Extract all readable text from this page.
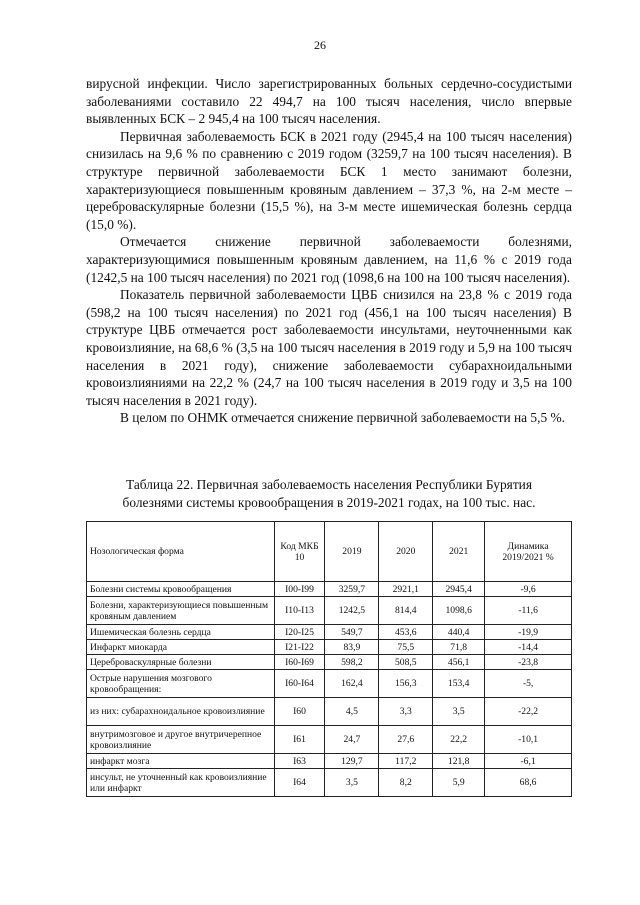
26

вирусной инфекции. Число зарегистрированных больных сердечно-сосудистыми заболеваниями составило 22 494,7 на 100 тысяч населения, число впервые выявленных БСК – 2 945,4 на 100 тысяч населения.

Первичная заболеваемость БСК в 2021 году (2945,4 на 100 тысяч населения) снизилась на 9,6 % по сравнению с 2019 годом (3259,7 на 100 тысяч населения). В структуре первичной заболеваемости БСК 1 место занимают болезни, характеризующиеся повышенным кровяным давлением – 37,3 %, на 2-м месте – цереброваскулярные болезни (15,5 %), на 3-м месте ишемическая болезнь сердца (15,0 %).

Отмечается снижение первичной заболеваемости болезнями, характеризующимися повышенным кровяным давлением, на 11,6 % с 2019 года (1242,5 на 100 тысяч населения) по 2021 год (1098,6 на 100 на 100 тысяч населения).

Показатель первичной заболеваемости ЦВБ снизился на 23,8 % с 2019 года (598,2 на 100 тысяч населения) по 2021 год (456,1 на 100 тысяч населения) В структуре ЦВБ отмечается рост заболеваемости инсультами, неуточненными как кровоизлияние, на 68,6 % (3,5 на 100 тысяч населения в 2019 году и 5,9 на 100 тысяч населения в 2021 году), снижение заболеваемости субарахноидальными кровоизлияниями на 22,2 % (24,7 на 100 тысяч населения в 2019 году и 3,5 на 100 тысяч населения в 2021 году).

В целом по ОНМК отмечается снижение первичной заболеваемости на 5,5 %.

Таблица 22. Первичная заболеваемость населения Республики Бурятия
болезнями системы кровообращения в 2019-2021 годах, на 100 тыс. нас.
Нозологическая форма	Код МКБ 10	2019	2020	2021	Динамика 2019/2021 %
Болезни системы кровообращения	I00-I99	3259,7	2921,1	2945,4	-9,6
Болезни, характеризующиеся повышенным кровяным давлением	I10-I13	1242,5	814,4	1098,6	-11,6
Ишемическая болезнь сердца	I20-I25	549,7	453,6	440,4	-19,9
Инфаркт миокарда	I21-I22	83,9	75,5	71,8	-14,4
Цереброваскулярные болезни	I60-I69	598,2	508,5	456,1	-23,8
Острые нарушения мозгового кровообращения:	I60-I64	162,4	156,3	153,4	-5,
из них: субарахноидальное кровоизлияние	I60	4,5	3,3	3,5	-22,2
внутримозговое и другое внутричерепное кровоизлияние	I61	24,7	27,6	22,2	-10,1
инфаркт мозга	I63	129,7	117,2	121,8	-6,1
инсульт, не уточненный как кровоизлияние или инфаркт	I64	3,5	8,2	5,9	68,6
